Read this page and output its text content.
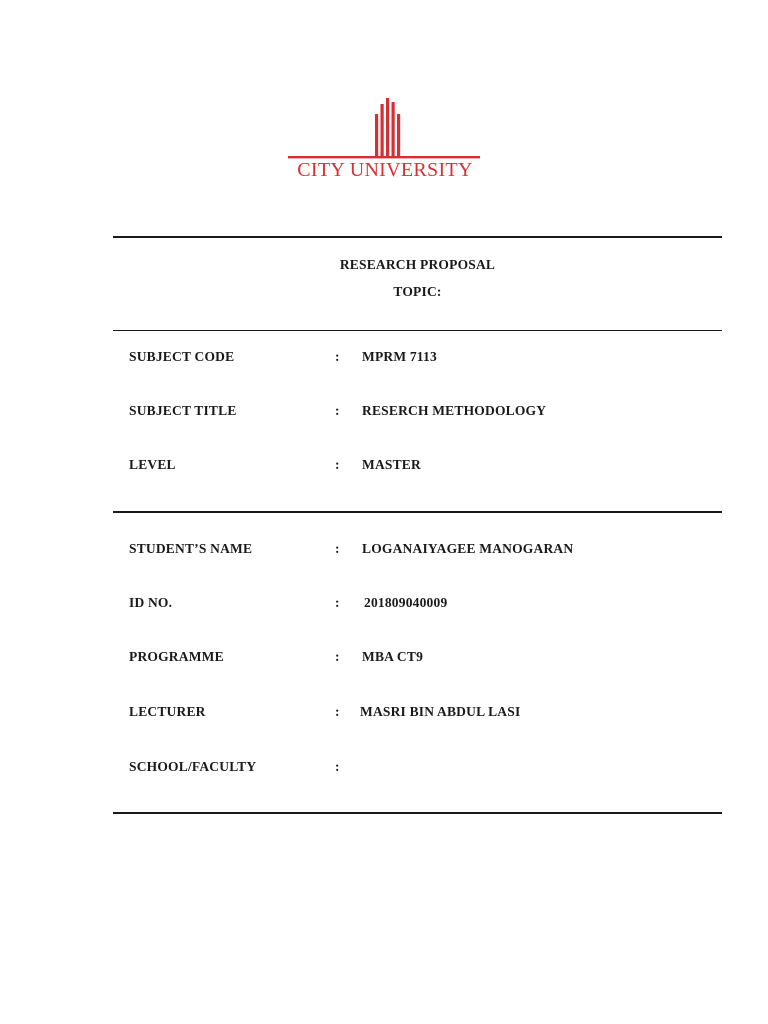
CITY UNIVERSITY
RESEARCH PROPOSAL
TOPIC:
SUBJECT CODE	: MPRM 7113
SUBJECT TITLE	: RESERCH METHODOLOGY
LEVEL	: MASTER
STUDENT’S NAME	: LOGANAIYAGEE MANOGARAN
ID NO.	: 201809040009
PROGRAMME	: MBA CT9
LECTURER	: MASRI BIN ABDUL LASI
SCHOOL/FACULTY	:
